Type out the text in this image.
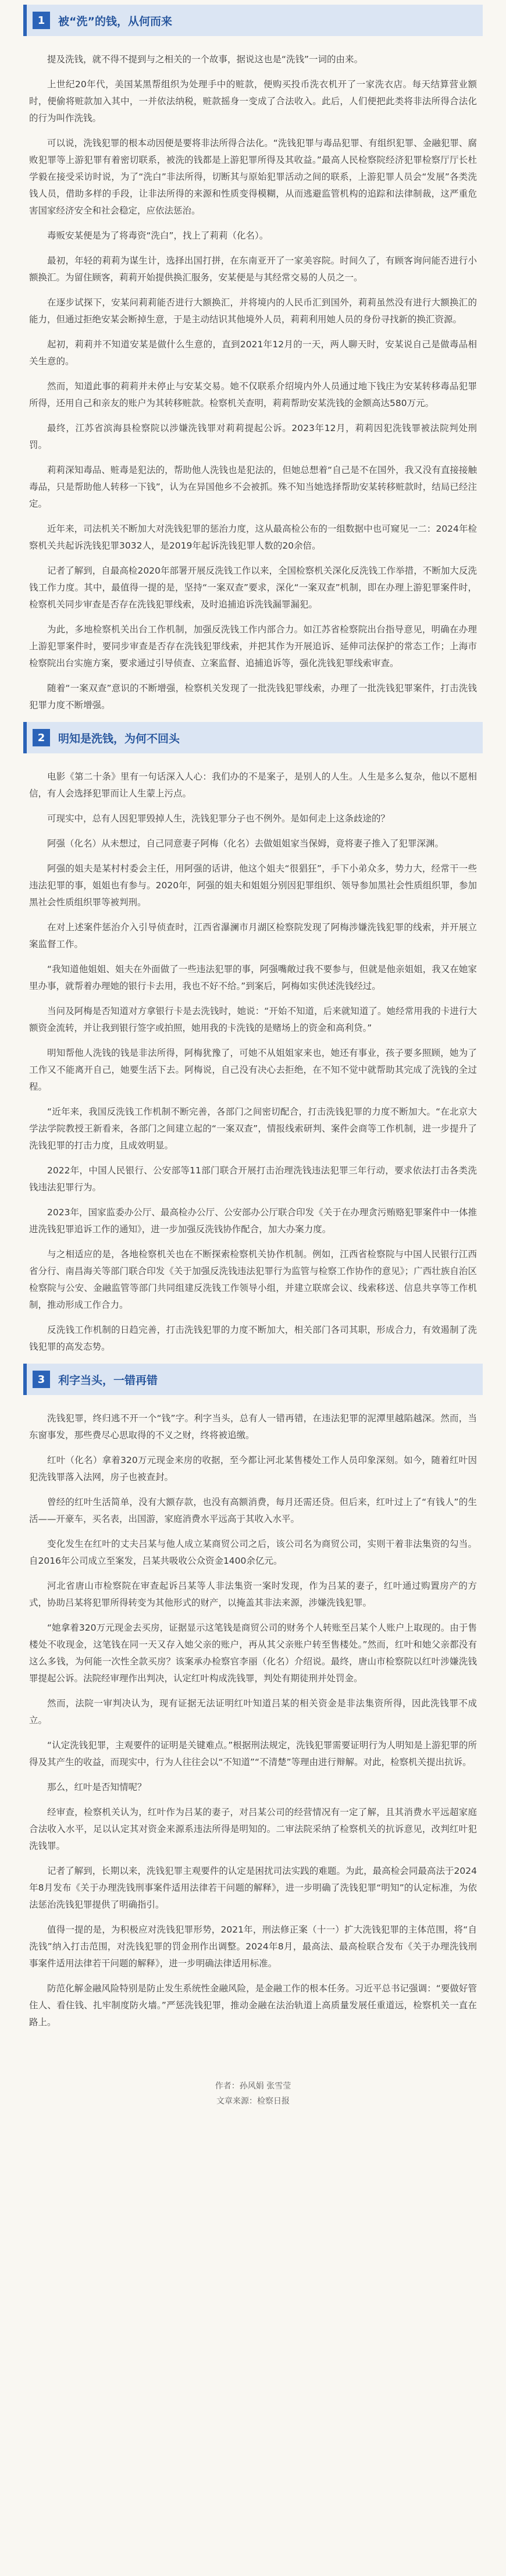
1	被“洗”的钱，从何而来

提及洗钱，就不得不提到与之相关的一个故事，据说这也是“洗钱”一词的由来。

上世纪20年代，美国某黑帮组织为处理手中的赃款，便购买投币洗衣机开了一家洗衣店。每天结算营业额时，便偷将赃款加入其中，一并依法纳税，赃款摇身一变成了合法收入。此后，人们便把此类将非法所得合法化的行为叫作洗钱。

可以说，洗钱犯罪的根本动因便是要将非法所得合法化。“洗钱犯罪与毒品犯罪、有组织犯罪、金融犯罪、腐败犯罪等上游犯罪有着密切联系，被洗的钱都是上游犯罪所得及其收益。”最高人民检察院经济犯罪检察厅厅长杜学毅在接受采访时说，为了“洗白”非法所得，切断其与原始犯罪活动之间的联系，上游犯罪人员会“发展”各类洗钱人员，借助多样的手段，让非法所得的来源和性质变得模糊，从而逃避监管机构的追踪和法律制裁，这严重危害国家经济安全和社会稳定，应依法惩治。

毒贩安某便是为了将毒资“洗白”，找上了莉莉（化名）。

最初，年轻的莉莉为谋生计，选择出国打拼，在东南亚开了一家美容院。时间久了，有顾客询问能否进行小额换汇。为留住顾客，莉莉开始提供换汇服务，安某便是与其经常交易的人员之一。

在逐步试探下，安某问莉莉能否进行大额换汇，并将境内的人民币汇到国外，莉莉虽然没有进行大额换汇的能力，但通过拒绝安某会断掉生意，于是主动结识其他境外人员，莉莉利用她人员的身份寻找新的换汇资源。

起初，莉莉并不知道安某是做什么生意的，直到2021年12月的一天，两人聊天时，安某说自己是做毒品相关生意的。

然而，知道此事的莉莉并未停止与安某交易。她不仅联系介绍境内外人员通过地下钱庄为安某转移毒品犯罪所得，还用自己和亲友的账户为其转移赃款。检察机关查明，莉莉帮助安某洗钱的金额高达580万元。

最终，江苏省滨海县检察院以涉嫌洗钱罪对莉莉提起公诉。2023年12月，莉莉因犯洗钱罪被法院判处刑罚。

莉莉深知毒品、赃毒是犯法的，帮助他人洗钱也是犯法的，但她总想着“自己是不在国外，我又没有直接接触毒品，只是帮助他人转移一下钱”，认为在异国他乡不会被抓。殊不知当她选择帮助安某转移赃款时，结局已经注定。

近年来，司法机关不断加大对洗钱犯罪的惩治力度，这从最高检公布的一组数据中也可窥见一二：2024年检察机关共起诉洗钱犯罪3032人，是2019年起诉洗钱犯罪人数的20余倍。

记者了解到，自最高检2020年部署开展反洗钱工作以来，全国检察机关深化反洗钱工作举措，不断加大反洗钱工作力度。其中，最值得一提的是，坚持“一案双查”要求，深化“一案双查”机制，即在办理上游犯罪案件时，检察机关同步审查是否存在洗钱犯罪线索，及时追捕追诉洗钱漏罪漏犯。

为此，多地检察机关出台工作机制，加强反洗钱工作内部合力。如江苏省检察院出台指导意见，明确在办理上游犯罪案件时，要同步审查是否存在洗钱犯罪线索，并把其作为开展追诉、延伸司法保护的常态工作；上海市检察院出台实施方案，要求通过引导侦查、立案监督、追捕追诉等，强化洗钱犯罪线索审查。

随着“一案双查”意识的不断增强，检察机关发现了一批洗钱犯罪线索，办理了一批洗钱犯罪案件，打击洗钱犯罪力度不断增强。

2	明知是洗钱，为何不回头

电影《第二十条》里有一句话深入人心：我们办的不是案子，是别人的人生。人生是多么复杂，他以不愿相信，有人会选择犯罪而让人生蒙上污点。

可现实中，总有人因犯罪毁掉人生，洗钱犯罪分子也不例外。是如何走上这条歧途的？

阿强（化名）从未想过，自己同意妻子阿梅（化名）去做姐姐家当保姆，竟将妻子推入了犯罪深渊。

阿强的姐夫是某村村委会主任，用阿强的话讲，他这个姐夫“很猖狂”，手下小弟众多，势力大，经常干一些违法犯罪的事，姐姐也有参与。2020年，阿强的姐夫和姐姐分别因犯罪组织、领导参加黑社会性质组织罪，参加黑社会性质组织罪等被判刑。

在对上述案件惩治介入引导侦查时，江西省瀑澜市月湖区检察院发现了阿梅涉嫌洗钱犯罪的线索，并开展立案监督工作。

“我知道他姐姐、姐夫在外面做了一些违法犯罪的事，阿强嘴敞过我不要参与，但就是他亲姐姐，我又在她家里办事，就帮着办理她的银行卡去用，我也不好不给。”到案后，阿梅如实供述洗钱经过。

当问及阿梅是否知道对方拿银行卡是去洗钱时，她说：“开始不知道，后来就知道了。她经常用我的卡进行大额资金流转，并让我到银行签字或拍照，她用我的卡洗钱的是赌场上的资金和高利贷。”

明知帮他人洗钱的钱是非法所得，阿梅犹豫了，可她不从姐姐家来也，她还有事业，孩子要多照顾，她为了工作又不能离开自己，她要生活下去。阿梅说，自己没有决心去拒绝，在不知不觉中就帮助其完成了洗钱的全过程。

“近年来，我国反洗钱工作机制不断完善，各部门之间密切配合，打击洗钱犯罪的力度不断加大。“在北京大学法学院教授王新看来，各部门之间建立起的“一案双查”，情报线索研判、案件会商等工作机制，进一步提升了洗钱犯罪的打击力度，且成效明显。

2022年，中国人民银行、公安部等11部门联合开展打击治理洗钱违法犯罪三年行动，要求依法打击各类洗钱违法犯罪行为。

2023年，国家监委办公厅、最高检办公厅、公安部办公厅联合印发《关于在办理贪污贿赂犯罪案件中一体推进洗钱犯罪追诉工作的通知》，进一步加强反洗钱协作配合，加大办案力度。

与之相适应的是，各地检察机关也在不断探索检察机关协作机制。例如，江西省检察院与中国人民银行江西省分行、南昌海关等部门联合印发《关于加强反洗钱违法犯罪行为监管与检察工作协作的意见》；广西壮族自治区检察院与公安、金融监管等部门共同组建反洗钱工作领导小组，并建立联席会议、线索移送、信息共享等工作机制，推动形成工作合力。

反洗钱工作机制的日趋完善，打击洗钱犯罪的力度不断加大，相关部门各司其职，形成合力，有效遏制了洗钱犯罪的高发态势。

3	利字当头，一错再错

洗钱犯罪，终归逃不开一个“钱”字。利字当头，总有人一错再错，在违法犯罪的泥潭里越陷越深。然而，当东窗事发，那些费尽心思取得的不义之财，终将被追缴。

红叶（化名）拿着320万元现金来房的收据，至今都让河北某售楼处工作人员印象深刻。如今，随着红叶因犯洗钱罪落入法网，房子也被查封。

曾经的红叶生活简单，没有大额存款，也没有高额消费，每月还需还贷。但后来，红叶过上了“有钱人”的生活——开豪车，买名表，出国游，家庭消费水平远高于其收入水平。

变化发生在红叶的丈夫吕某与他人成立某商贸公司之后，该公司名为商贸公司，实则干着非法集资的勾当。自2016年公司成立至案发，吕某共吸收公众资金1400余亿元。

河北省唐山市检察院在审查起诉吕某等人非法集资一案时发现，作为吕某的妻子，红叶通过购置房产的方式，协助吕某将犯罪所得转变为其他形式的财产，以掩盖其非法来源，涉嫌洗钱犯罪。

“她拿着320万元现金去买房，证据显示这笔钱是商贸公司的财务个人转账至吕某个人账户上取现的。由于售楼处不收现金，这笔钱在同一天又存入她父亲的账户，再从其父亲账户转至售楼处。”然而，红叶和她父亲都没有这么多钱，为何能一次性全款买房？该案承办检察官李丽（化名）介绍说。最终，唐山市检察院以红叶涉嫌洗钱罪提起公诉。法院经审理作出判决，认定红叶构成洗钱罪，判处有期徒刑并处罚金。

然而，法院一审判决认为，现有证据无法证明红叶知道吕某的相关资金是非法集资所得，因此洗钱罪不成立。

“认定洗钱犯罪，主观要件的证明是关键难点。”根据刑法规定，洗钱犯罪需要证明行为人明知是上游犯罪的所得及其产生的收益，而现实中，行为人往往会以“不知道”“不清楚”等理由进行辩解。对此，检察机关提出抗诉。

那么，红叶是否知情呢？

经审查，检察机关认为，红叶作为吕某的妻子，对吕某公司的经营情况有一定了解，且其消费水平远超家庭合法收入水平，足以认定其对资金来源系违法所得是明知的。二审法院采纳了检察机关的抗诉意见，改判红叶犯洗钱罪。

记者了解到，长期以来，洗钱犯罪主观要件的认定是困扰司法实践的难题。为此，最高检会同最高法于2024年8月发布《关于办理洗钱刑事案件适用法律若干问题的解释》，进一步明确了洗钱犯罪“明知”的认定标准，为依法惩治洗钱犯罪提供了明确指引。

值得一提的是，为积极应对洗钱犯罪形势，2021年，刑法修正案（十一）扩大洗钱犯罪的主体范围，将“自洗钱”纳入打击范围，对洗钱犯罪的罚金刑作出调整。2024年8月，最高法、最高检联合发布《关于办理洗钱刑事案件适用法律若干问题的解释》，进一步明确法律适用标准。

防范化解金融风险特别是防止发生系统性金融风险，是金融工作的根本任务。习近平总书记强调：“要做好管住人、看住钱、扎牢制度防火墙。”严惩洗钱犯罪，推动金融在法治轨道上高质量发展任重道远，检察机关一直在路上。

作者：孙风娟 张雪莹
文章来源：检察日报
